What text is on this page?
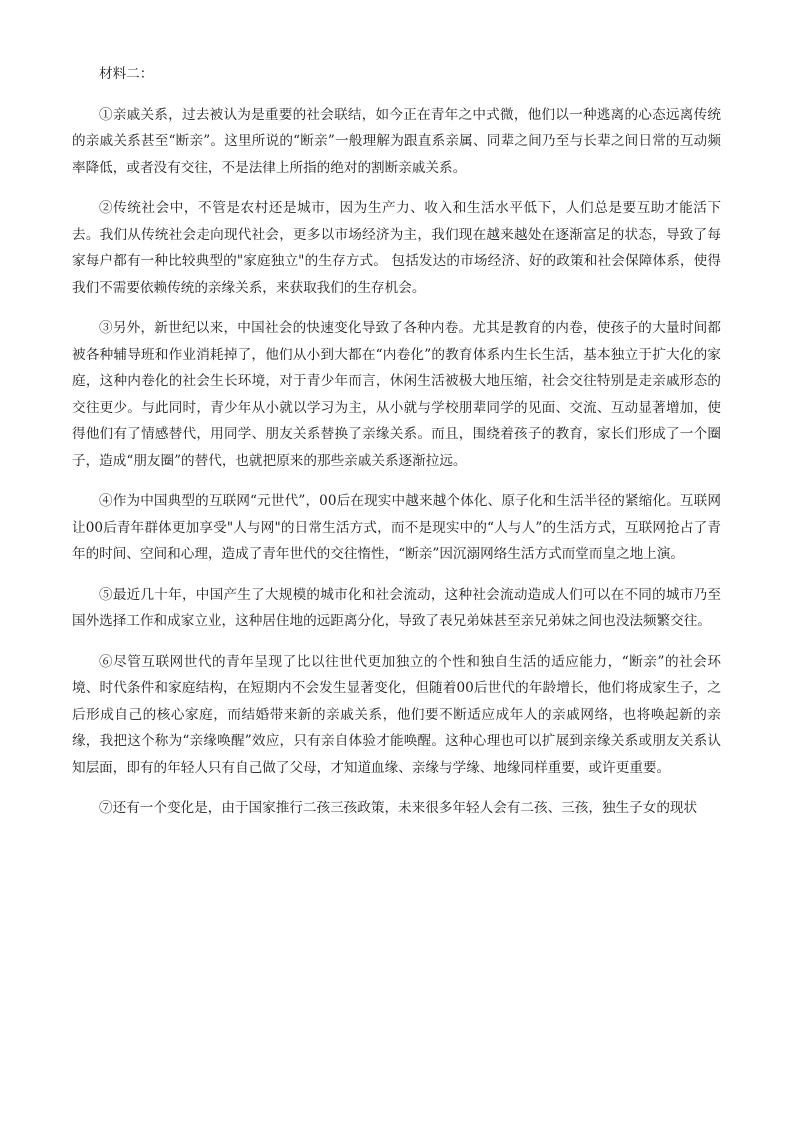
材料二：

①亲戚关系，过去被认为是重要的社会联结，如今正在青年之中式微，他们以一种逃离的心态远离传统的亲戚关系甚至“断亲”。这里所说的“断亲”一般理解为跟直系亲属、同辈之间乃至与长辈之间日常的互动频率降低，或者没有交往，不是法律上所指的绝对的割断亲戚关系。

②传统社会中，不管是农村还是城市，因为生产力、收入和生活水平低下，人们总是要互助才能活下去。我们从传统社会走向现代社会，更多以市场经济为主，我们现在越来越处在逐渐富足的状态，导致了每家每户都有一种比较典型的"家庭独立"的生存方式。 包括发达的市场经济、好的政策和社会保障体系，使得我们不需要依赖传统的亲缘关系，来获取我们的生存机会。

③另外，新世纪以来，中国社会的快速变化导致了各种内卷。尤其是教育的内卷，使孩子的大量时间都被各种辅导班和作业消耗掉了，他们从小到大都在“内卷化”的教育体系内生长生活，基本独立于扩大化的家庭，这种内卷化的社会生长环境，对于青少年而言，休闲生活被极大地压缩，社会交往特别是走亲戚形态的交往更少。与此同时，青少年从小就以学习为主，从小就与学校朋辈同学的见面、交流、互动显著增加，使得他们有了情感替代，用同学、朋友关系替换了亲缘关系。而且，围绕着孩子的教育，家长们形成了一个圈子，造成“朋友圈”的替代，也就把原来的那些亲戚关系逐渐拉远。

④作为中国典型的互联网“元世代”，00后在现实中越来越个体化、原子化和生活半径的紧缩化。互联网让00后青年群体更加享受"人与网"的日常生活方式，而不是现实中的“人与人”的生活方式，互联网抢占了青年的时间、空间和心理，造成了青年世代的交往惰性，“断亲”因沉溺网络生活方式而堂而皇之地上演。

⑤最近几十年，中国产生了大规模的城市化和社会流动，这种社会流动造成人们可以在不同的城市乃至国外选择工作和成家立业，这种居住地的远距离分化，导致了表兄弟妹甚至亲兄弟妹之间也没法频繁交往。

⑥尽管互联网世代的青年呈现了比以往世代更加独立的个性和独自生活的适应能力，“断亲”的社会环境、时代条件和家庭结构，在短期内不会发生显著变化，但随着00后世代的年龄增长，他们将成家生子，之后形成自己的核心家庭，而结婚带来新的亲戚关系，他们要不断适应成年人的亲戚网络，也将唤起新的亲缘，我把这个称为“亲缘唤醒”效应，只有亲自体验才能唤醒。这种心理也可以扩展到亲缘关系或朋友关系认知层面，即有的年轻人只有自己做了父母，才知道血缘、亲缘与学缘、地缘同样重要，或许更重要。

⑦还有一个变化是，由于国家推行二孩三孩政策，未来很多年轻人会有二孩、三孩，独生子女的现状
